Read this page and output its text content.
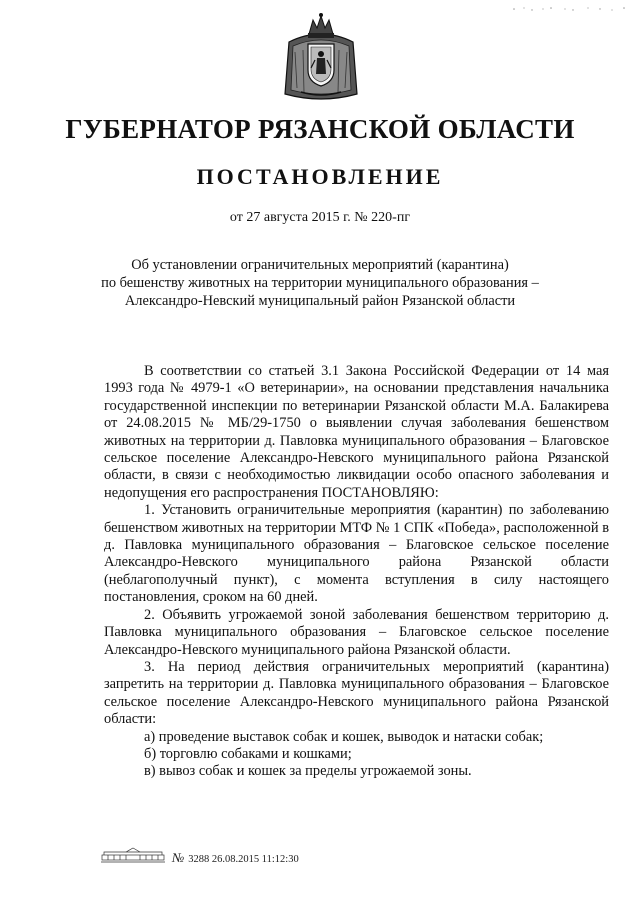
ГУБЕРНАТОР РЯЗАНСКОЙ ОБЛАСТИ
ПОСТАНОВЛЕНИЕ
от 27 августа 2015 г. № 220-пг
Об установлении ограничительных мероприятий (карантина)
по бешенству животных на территории муниципального образования –
Александро-Невский муниципальный район Рязанской области

В соответствии со статьей 3.1 Закона Российской Федерации от 14 мая 1993 года № 4979-1 «О ветеринарии», на основании представления начальника государственной инспекции по ветеринарии Рязанской области М.А. Балакирева от 24.08.2015 № МБ/29-1750 о выявлении случая заболевания бешенством животных на территории д. Павловка муниципального образования – Благовское сельское поселение Александро-Невского муниципального района Рязанской области, в связи с необходимостью ликвидации особо опасного заболевания и недопущения его распространения ПОСТАНОВЛЯЮ:

1. Установить ограничительные мероприятия (карантин) по заболеванию бешенством животных на территории МТФ № 1 СПК «Победа», расположенной в д. Павловка муниципального образования – Благовское сельское поселение Александро-Невского муниципального района Рязанской области (неблагополучный пункт), с момента вступления в силу настоящего постановления, сроком на 60 дней.

2. Объявить угрожаемой зоной заболевания бешенством территорию д. Павловка муниципального образования – Благовское сельское поселение Александро-Невского муниципального района Рязанской области.

3. На период действия ограничительных мероприятий (карантина) запретить на территории д. Павловка муниципального образования – Благовское сельское поселение Александро-Невского муниципального района Рязанской области:

а) проведение выставок собак и кошек, выводок и натаски собак;

б) торговлю собаками и кошками;

в) вывоз собак и кошек за пределы угрожаемой зоны.

№ 3288 26.08.2015 11:12:30
